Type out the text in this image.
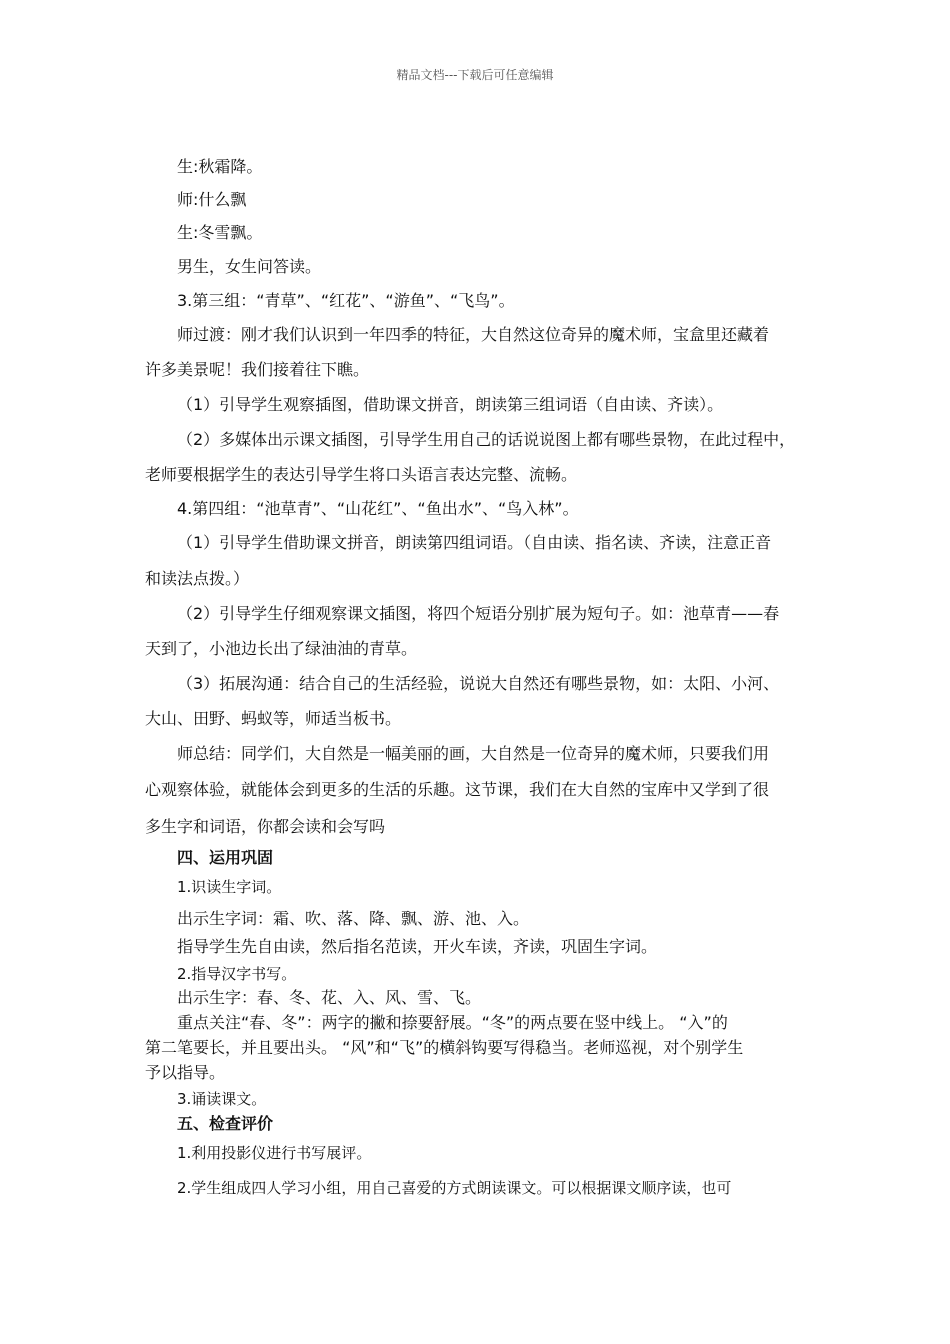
精品文档---下载后可任意编辑
生:秋霜降。
师:什么飘
生:冬雪飘。
男生，女生问答读。
3.第三组：“青草”、“红花”、“游鱼”、“飞鸟”。
师过渡：刚才我们认识到一年四季的特征，大自然这位奇异的魔术师，宝盒里还藏着
许多美景呢！我们接着往下瞧。
（1）引导学生观察插图，借助课文拼音，朗读第三组词语（自由读、齐读）。
（2）多媒体出示课文插图，引导学生用自己的话说说图上都有哪些景物，在此过程中，
老师要根据学生的表达引导学生将口头语言表达完整、流畅。
4.第四组：“池草青”、“山花红”、“鱼出水”、“鸟入林”。
（1）引导学生借助课文拼音，朗读第四组词语。（自由读、指名读、齐读，注意正音
和读法点拨。）
（2）引导学生仔细观察课文插图，将四个短语分别扩展为短句子。如：池草青——春
天到了，小池边长出了绿油油的青草。
（3）拓展沟通：结合自己的生活经验，说说大自然还有哪些景物，如：太阳、小河、
大山、田野、蚂蚁等，师适当板书。
师总结：同学们，大自然是一幅美丽的画，大自然是一位奇异的魔术师，只要我们用
心观察体验，就能体会到更多的生活的乐趣。这节课，我们在大自然的宝库中又学到了很
多生字和词语，你都会读和会写吗
四、运用巩固
1.识读生字词。
出示生字词：霜、吹、落、降、飘、游、池、入。
指导学生先自由读，然后指名范读，开火车读，齐读，巩固生字词。
2.指导汉字书写。
出示生字：春、冬、花、入、风、雪、飞。
重点关注“春、冬”：两字的撇和捺要舒展。“冬”的两点要在竖中线上。 “入”的
第二笔要长，并且要出头。 “风”和“飞”的横斜钩要写得稳当。老师巡视，对个别学生
予以指导。
3.诵读课文。
五、检查评价
1.利用投影仪进行书写展评。
2.学生组成四人学习小组，用自己喜爱的方式朗读课文。可以根据课文顺序读，也可
